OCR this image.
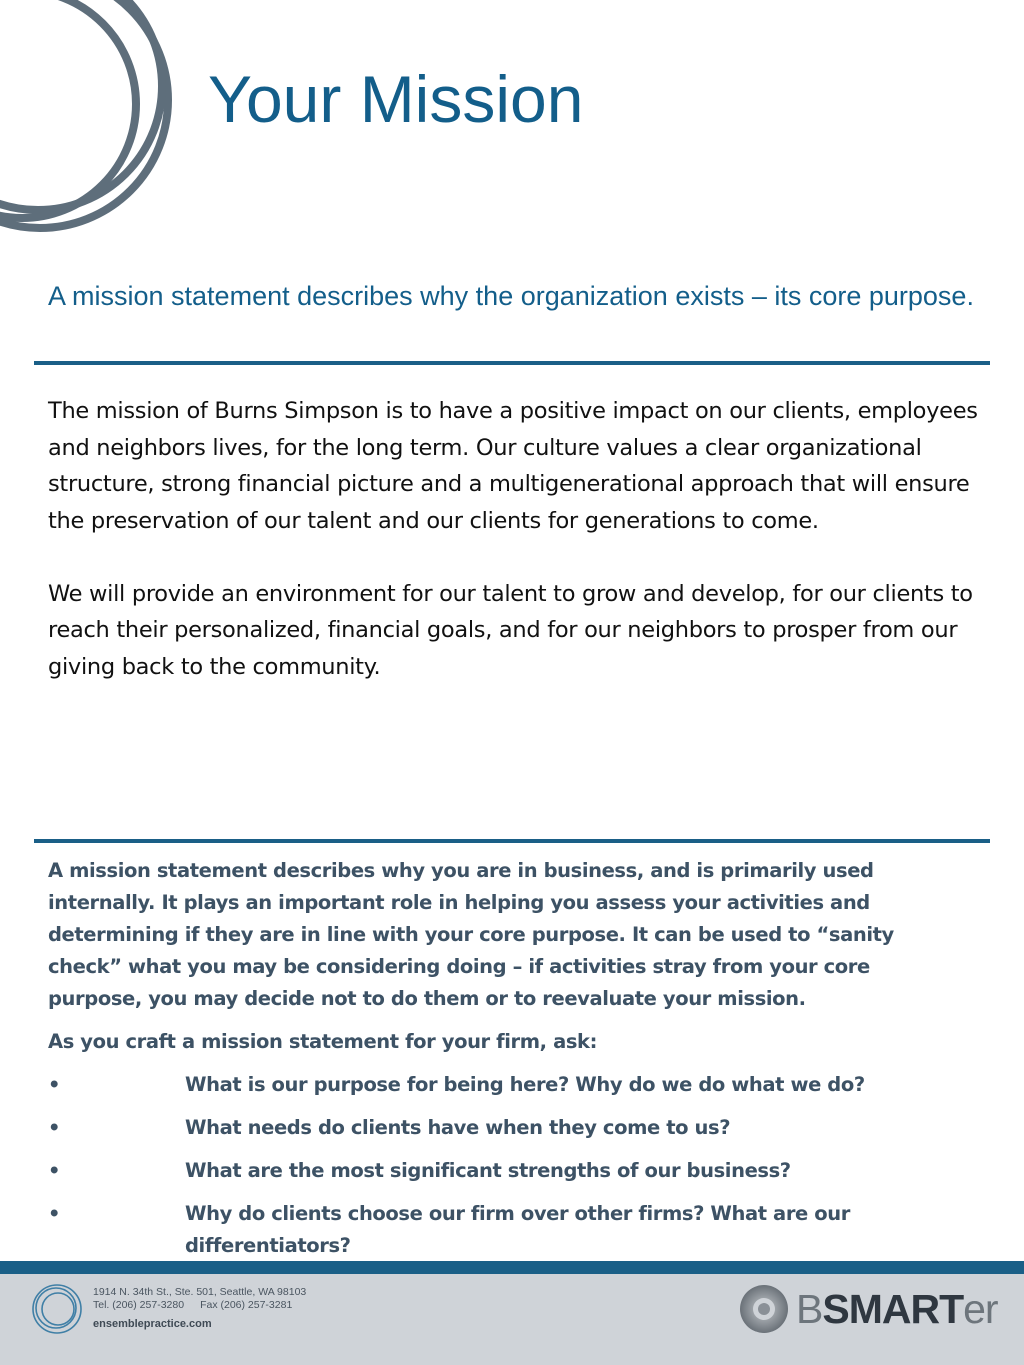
Your Mission

A mission statement describes why the organization exists – its core purpose.

The mission of Burns Simpson is to have a positive impact on our clients, employees and neighbors lives, for the long term. Our culture values a clear organizational structure, strong financial picture and a multigenerational approach that will ensure the preservation of our talent and our clients for generations to come.

We will provide an environment for our talent to grow and develop, for our clients to reach their personalized, financial goals, and for our neighbors to prosper from our giving back to the community.

A mission statement describes why you are in business, and is primarily used internally. It plays an important role in helping you assess your activities and determining if they are in line with your core purpose. It can be used to “sanity check” what you may be considering doing – if activities stray from your core purpose, you may decide not to do them or to reevaluate your mission.

As you craft a mission statement for your firm, ask:

•	What is our purpose for being here? Why do we do what we do?
•	What needs do clients have when they come to us?
•	What are the most significant strengths of our business?
•	Why do clients choose our firm over other firms? What are our differentiators?
1914 N. 34th St., Ste. 501, Seattle, WA 98103
Tel. (206) 257-3280 Fax (206) 257-3281
ensemblepractice.com	BSMARTer
